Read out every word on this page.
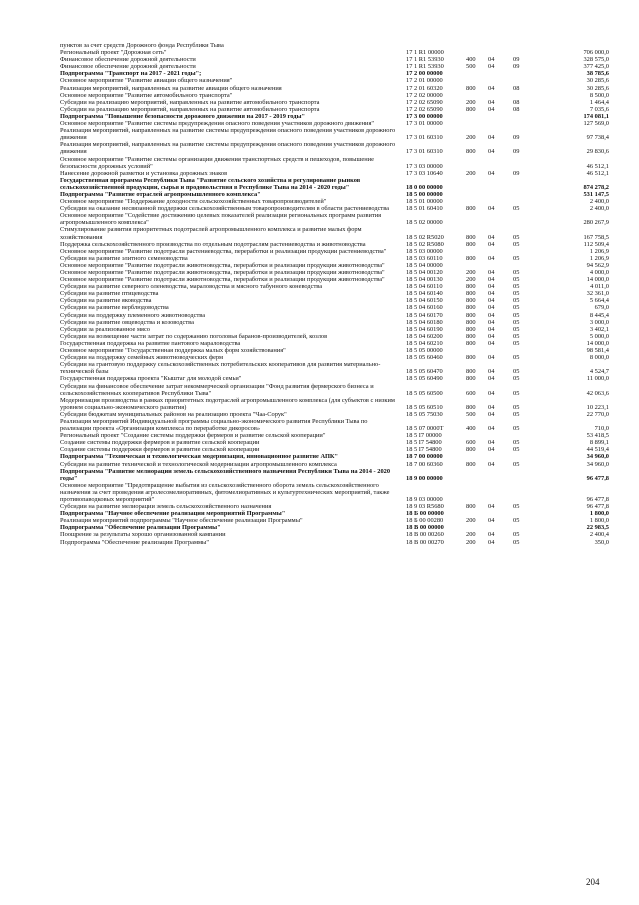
пунктов за счет средств Дорожного фонда Республики Тыва
Региональный проект "Дорожная сеть"	17 1 R1 00000	706 000,0
Финансовое обеспечение дорожной деятельности	17 1 R1 53930	400	04	09	328 575,0
Финансовое обеспечение дорожной деятельности	17 1 R1 53930	500	04	09	377 425,0
Подпрограмма "Транспорт на 2017 - 2021 годы";	17 2 00 00000	38 785,6
Основное мероприятие "Развитие авиации общего назначения"	17 2 01 00000	30 285,6
Реализация мероприятий, направленных на развитие авиации общего назначения	17 2 01 60320	800	04	08	30 285,6
Основное мероприятие "Развитие автомобильного транспорта"	17 2 02 00000	8 500,0
Субсидии на реализацию мероприятий, направленных на развитие автомобильного транспорта	17 2 02 65090	200	04	08	1 464,4
Субсидии на реализацию мероприятий, направленных на развитие автомобильного транспорта	17 2 02 65090	800	04	08	7 035,6
Подпрограмма "Повышение безопасности дорожного движения на 2017 - 2019 годы"	17 3 00 00000	174 081,1
Основное мероприятие "Развитие системы предупреждения опасного поведения участников дорожного движения"	17 3 01 00000	127 569,0
Реализация мероприятий, направленных на развитие системы предупреждения опасного поведения участников дорожного движения	17 3 01 60310	200	04	09	97 738,4
Реализация мероприятий, направленных на развитие системы предупреждения опасного поведения участников дорожного движения	17 3 01 60310	800	04	09	29 830,6
Основное мероприятие "Развитие системы организации движения транспортных средств и пешеходов, повышение безопасности дорожных условий"	17 3 03 00000	46 512,1
Нанесение дорожной разметки и установка дорожных знаков	17 3 03 10640	200	04	09	46 512,1
Государственная программа Республики Тыва "Развитие сельского хозяйства и регулирование рынков сельскохозяйственной продукции, сырья и продовольствия в Республике Тыва на 2014 - 2020 годы"	18 0 00 00000	874 278,2
Подпрограмма "Развитие отраслей агропромышленного комплекса"	18 5 00 00000	531 147,5
Основное мероприятие "Поддержание доходности сельскохозяйственных товаропроизводителей"	18 5 01 00000	2 400,0
Субсидии на оказание несвязанной поддержки сельскохозяйственным товаропроизводителям в области растениеводства	18 5 01 60410	800	04	05	2 400,0
Основное мероприятие "Содействие достижению целевых показателей реализации региональных программ развития агропромышленного комплекса"	18 5 02 00000	280 267,9
Стимулирование развития приоритетных подотраслей агропромышленного комплекса и развитие малых форм хозяйствования	18 5 02 R5020	800	04	05	167 758,5
Поддержка сельскохозяйственного производства по отдельным подотраслям растениеводства и животноводства	18 5 02 R5080	800	04	05	112 509,4
Основное мероприятие "Развитие подотрасли растениеводства, переработки и реализации продукции растениеводства"	18 5 03 00000	1 206,9
Субсидии на развитие элитного семеноводства	18 5 03 60110	800	04	05	1 206,9
Основное мероприятие "Развитие подотрасли животноводства, переработки и реализации продукции животноводства"	18 5 04 00000	94 562,9
Основное мероприятие "Развитие подотрасли животноводства, переработки и реализации продукции животноводства"	18 5 04 00120	200	04	05	4 000,0
Основное мероприятие "Развитие подотрасли животноводства, переработки и реализации продукции животноводства"	18 5 04 00130	200	04	05	14 000,0
Субсидии на развитие северного оленеводства, мараловодства и мясного табунного коневодства	18 5 04 60110	800	04	05	4 011,0
Субсидии на развитие птицеводства	18 5 04 60140	800	04	05	32 361,0
Субсидии на развитие яководства	18 5 04 60150	800	04	05	5 664,4
Субсидии на развитие верблюдоводства	18 5 04 60160	800	04	05	679,0
Субсидии на поддержку племенного животноводства	18 5 04 60170	800	04	05	8 445,4
Субсидии на развитие овцеводства и козоводства	18 5 04 60180	800	04	05	3 000,0
Субсидии за реализованное мясо	18 5 04 60190	800	04	05	3 402,1
Субсидии на возмещение части затрат по содержанию поголовья баранов-производителей, козлов	18 5 04 60200	800	04	05	5 000,0
Государственная поддержка на развитие пантового мараловодства	18 5 04 60210	800	04	05	14 000,0
Основное мероприятие "Государственная поддержка малых форм хозяйствования"	18 5 05 00000	98 581,4
Субсидии на поддержку семейных животноводческих ферм	18 5 05 60460	800	04	05	8 000,0
Субсидии на грантовую поддержку сельскохозяйственных потребительских кооперативов для развития материально-технической базы	18 5 05 60470	800	04	05	4 524,7
Государственная поддержка проекта "Кыштаг для молодой семьи"	18 5 05 60490	800	04	05	11 000,0
Субсидии на финансовое обеспечение затрат некоммерческой организации "Фонд развития фермерского бизнеса и сельскохозяйственных кооперативов Республики Тыва"	18 5 05 60500	600	04	05	42 063,6
Модернизация производства в рамках приоритетных подотраслей агропромышленного комплекса (для субъектов с низким уровнем социально-экономического развития)	18 5 05 60510	800	04	05	10 223,1
Субсидии бюджетам муниципальных районов на реализацию проекта "Чаа-Сорук"	18 5 05 75030	500	04	05	22 770,0
Реализация мероприятий Индивидуальной программы социально-экономического развития Республики Тыва по реализации проекта «Организация комплекса по переработке дикоросов»	18 5 07 0000Т	400	04	05	710,0
Региональный проект "Создание системы поддержки фермеров и развитие сельской кооперации"	18 5 I7 00000	53 418,5
Создание системы поддержки фермеров и развитие сельской кооперации	18 5 I7 54800	600	04	05	8 899,1
Создание системы поддержки фермеров и развитие сельской кооперации	18 5 I7 54800	800	04	05	44 519,4
Подпрограмма "Техническая и технологическая модернизация, инновационное развитие АПК"	18 7 00 00000	34 960,0
Субсидии на развитие технической и технологической модернизации агропромышленного комплекса	18 7 00 60360	800	04	05	34 960,0
Подпрограмма "Развитие мелиорации земель сельскохозяйственного назначения Республики Тыва на 2014 - 2020 годы"	18 9 00 00000	96 477,8
Основное мероприятие "Предотвращение выбытия из сельскохозяйственного оборота земель сельскохозяйственного назначения за счет проведения агролесомелиоративных, фитомелиоративных и культуртехнических мероприятий, также противопаводковых мероприятий"	18 9 03 00000	96 477,8
Субсидии на развитие мелиорации земель сельскохозяйственного назначения	18 9 03 R5680	800	04	05	96 477,8
Подпрограмма "Научное обеспечение реализации мероприятий Программы"	18 Б 00 00000	1 800,0
Реализация мероприятий подпрограммы "Научное обеспечение реализации Программы"	18 Б 00 00280	200	04	05	1 800,0
Подпрограмма "Обеспечение реализации Программы"	18 В 00 00000	22 983,5
Поощрение за результаты хорошо организованной кампании	18 В 00 00260	200	04	05	2 400,4
Подпрограмма "Обеспечение реализации Программы"	18 В 00 00270	200	04	05	350,0
204
